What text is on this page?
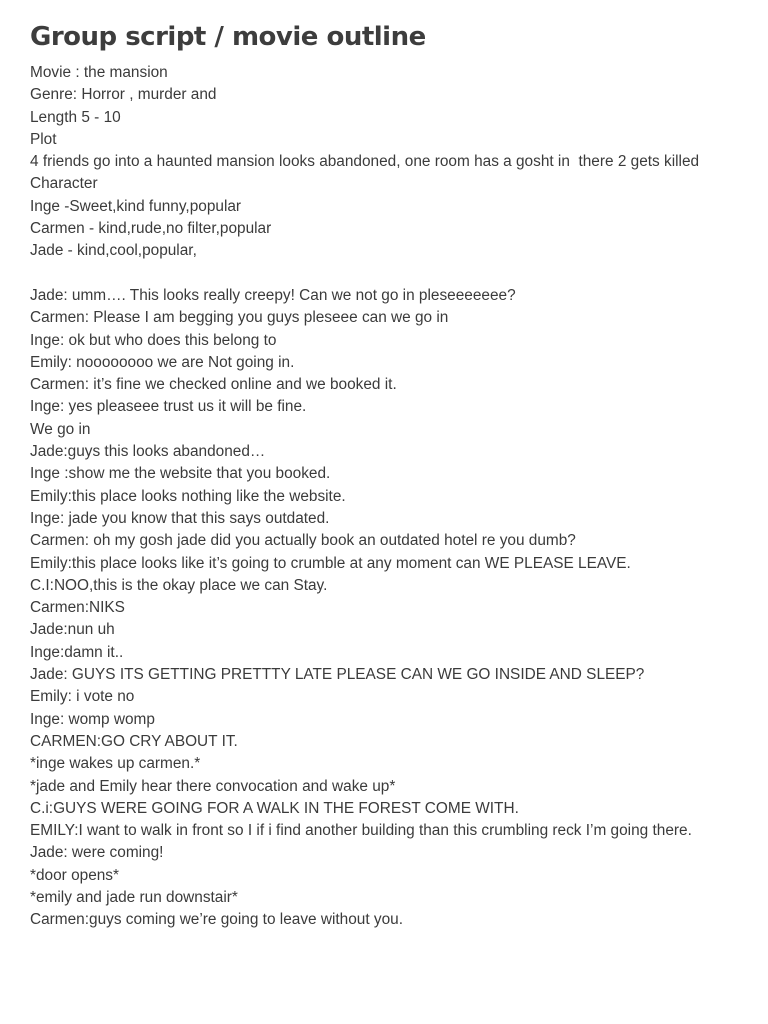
Group script / movie outline
Movie : the mansion
Genre: Horror , murder and
Length 5 - 10
Plot
4 friends go into a haunted mansion looks abandoned, one room has a gosht in  there 2 gets killed
Character
Inge -Sweet,kind funny,popular
Carmen - kind,rude,no filter,popular
Jade - kind,cool,popular,
Jade: umm…. This looks really creepy! Can we not go in pleseeeeeee?
Carmen: Please I am begging you guys pleseee can we go in
Inge: ok but who does this belong to
Emily: noooooooo we are Not going in.
Carmen: it’s fine we checked online and we booked it.
Inge: yes pleaseee trust us it will be fine.
We go in
Jade:guys this looks abandoned…
Inge :show me the website that you booked.
Emily:this place looks nothing like the website.
Inge: jade you know that this says outdated.
Carmen: oh my gosh jade did you actually book an outdated hotel re you dumb?
Emily:this place looks like it’s going to crumble at any moment can WE PLEASE LEAVE.
C.I:NOO,this is the okay place we can Stay.
Carmen:NIKS
Jade:nun uh
Inge:damn it..
Jade: GUYS ITS GETTING PRETTTY LATE PLEASE CAN WE GO INSIDE AND SLEEP?
Emily: i vote no
Inge: womp womp
CARMEN:GO CRY ABOUT IT.
*inge wakes up carmen.*
*jade and Emily hear there convocation and wake up*
C.i:GUYS WERE GOING FOR A WALK IN THE FOREST COME WITH.
EMILY:I want to walk in front so I if i find another building than this crumbling reck I’m going there.
Jade: were coming!
*door opens*
*emily and jade run downstair*
Carmen:guys coming we’re going to leave without you.
